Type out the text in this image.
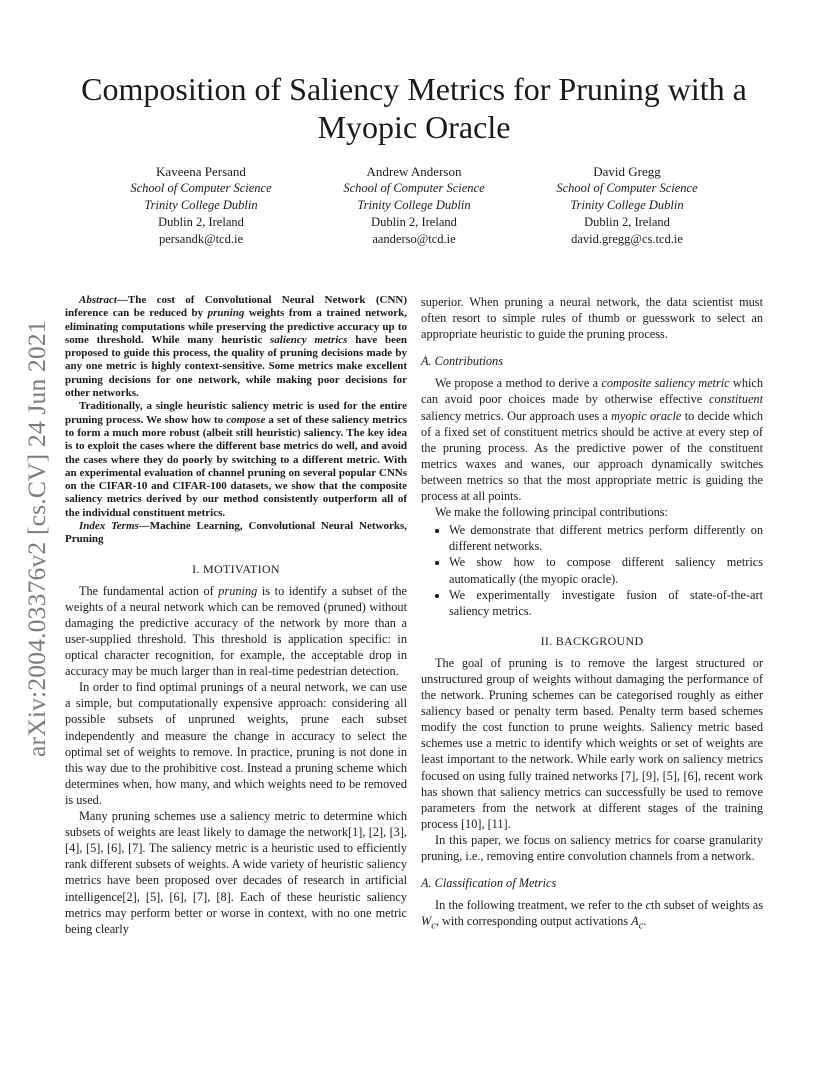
Composition of Saliency Metrics for Pruning with a Myopic Oracle
Kaveena Persand
School of Computer Science
Trinity College Dublin
Dublin 2, Ireland
persandk@tcd.ie
Andrew Anderson
School of Computer Science
Trinity College Dublin
Dublin 2, Ireland
aanderso@tcd.ie
David Gregg
School of Computer Science
Trinity College Dublin
Dublin 2, Ireland
david.gregg@cs.tcd.ie
arXiv:2004.03376v2 [cs.CV] 24 Jun 2021

Abstract—The cost of Convolutional Neural Network (CNN) inference can be reduced by pruning weights from a trained network, eliminating computations while preserving the predictive accuracy up to some threshold. While many heuristic saliency metrics have been proposed to guide this process, the quality of pruning decisions made by any one metric is highly context-sensitive. Some metrics make excellent pruning decisions for one network, while making poor decisions for other networks.

Traditionally, a single heuristic saliency metric is used for the entire pruning process. We show how to compose a set of these saliency metrics to form a much more robust (albeit still heuristic) saliency. The key idea is to exploit the cases where the different base metrics do well, and avoid the cases where they do poorly by switching to a different metric. With an experimental evaluation of channel pruning on several popular CNNs on the CIFAR-10 and CIFAR-100 datasets, we show that the composite saliency metrics derived by our method consistently outperform all of the individual constituent metrics.

Index Terms—Machine Learning, Convolutional Neural Networks, Pruning

I. MOTIVATION

The fundamental action of pruning is to identify a subset of the weights of a neural network which can be removed (pruned) without damaging the predictive accuracy of the network by more than a user-supplied threshold. This threshold is application specific: in optical character recognition, for example, the acceptable drop in accuracy may be much larger than in real-time pedestrian detection.

In order to find optimal prunings of a neural network, we can use a simple, but computationally expensive approach: considering all possible subsets of unpruned weights, prune each subset independently and measure the change in accuracy to select the optimal set of weights to remove. In practice, pruning is not done in this way due to the prohibitive cost. Instead a pruning scheme which determines when, how many, and which weights need to be removed is used.

Many pruning schemes use a saliency metric to determine which subsets of weights are least likely to damage the network[1], [2], [3], [4], [5], [6], [7]. The saliency metric is a heuristic used to efficiently rank different subsets of weights. A wide variety of heuristic saliency metrics have been proposed over decades of research in artificial intelligence[2], [5], [6], [7], [8]. Each of these heuristic saliency metrics may perform better or worse in context, with no one metric being clearly

superior. When pruning a neural network, the data scientist must often resort to simple rules of thumb or guesswork to select an appropriate heuristic to guide the pruning process.

A. Contributions

We propose a method to derive a composite saliency metric which can avoid poor choices made by otherwise effective constituent saliency metrics. Our approach uses a myopic oracle to decide which of a fixed set of constituent metrics should be active at every step of the pruning process. As the predictive power of the constituent metrics waxes and wanes, our approach dynamically switches between metrics so that the most appropriate metric is guiding the process at all points.

We make the following principal contributions:

• We demonstrate that different metrics perform differently on different networks.
• We show how to compose different saliency metrics automatically (the myopic oracle).
• We experimentally investigate fusion of state-of-the-art saliency metrics.
II. BACKGROUND

The goal of pruning is to remove the largest structured or unstructured group of weights without damaging the performance of the network. Pruning schemes can be categorised roughly as either saliency based or penalty term based. Penalty term based schemes modify the cost function to prune weights. Saliency metric based schemes use a metric to identify which weights or set of weights are least important to the network. While early work on saliency metrics focused on using fully trained networks [7], [9], [5], [6], recent work has shown that saliency metrics can successfully be used to remove parameters from the network at different stages of the training process [10], [11].

In this paper, we focus on saliency metrics for coarse granularity pruning, i.e., removing entire convolution channels from a network.

A. Classification of Metrics

In the following treatment, we refer to the cth subset of weights as $W_c$, with corresponding output activations $A_c$.
